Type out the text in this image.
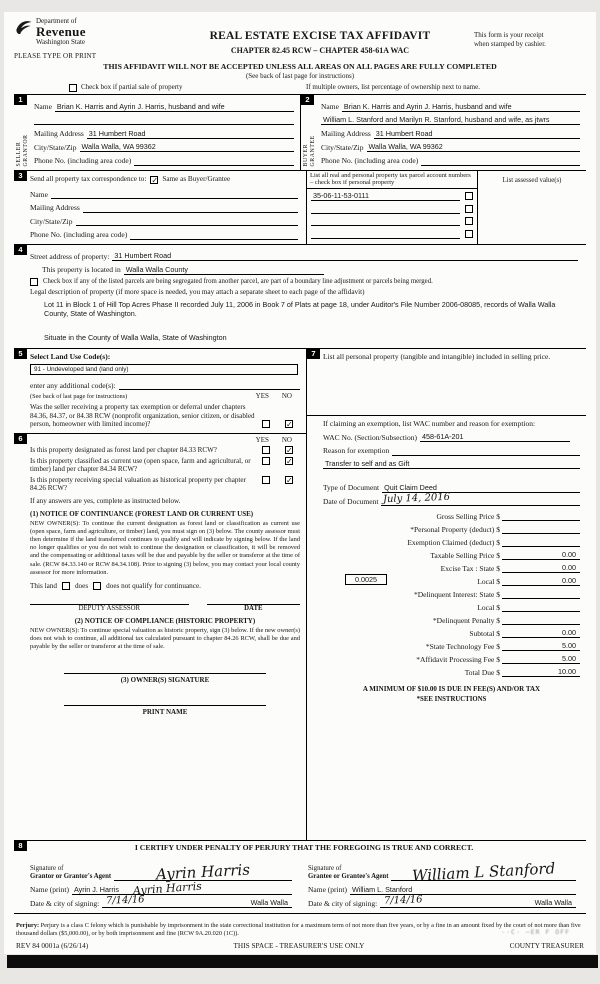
Department of
Revenue
Washington State
PLEASE TYPE OR PRINT
REAL ESTATE EXCISE TAX AFFIDAVIT
CHAPTER 82.45 RCW – CHAPTER 458-61A WAC
This form is your receipt
when stamped by cashier.
THIS AFFIDAVIT WILL NOT BE ACCEPTED UNLESS ALL AREAS ON ALL PAGES ARE FULLY COMPLETED
(See back of last page for instructions)
Check box if partial sale of property	If multiple owners, list percentage of ownership next to name.
1
SELLER GRANTOR
Name Brian K. Harris and Ayrin J. Harris, husband and wife
Mailing Address 31 Humbert Road
City/State/Zip Walla Walla, WA 99362
Phone No. (including area code)
2
BUYER GRANTEE
Name Brian K. Harris and Ayrin J. Harris, husband and wife
William L. Stanford and Marilyn R. Stanford, husband and wife, as jtwrs
Mailing Address 31 Humbert Road
City/State/Zip Walla Walla, WA 99362
Phone No. (including area code)
3	Send all property tax correspondence to: ✓ Same as Buyer/Grantee
Name
Mailing Address
City/State/Zip
Phone No. (including area code)
List all real and personal property tax parcel account numbers – check box if personal property
35-06-11-53-0111
List assessed value(s)
4
Street address of property: 31 Humbert Road
This property is located in Walla Walla County
Check box if any of the listed parcels are being segregated from another parcel, are part of a boundary line adjustment or parcels being merged.
Legal description of property (if more space is needed, you may attach a separate sheet to each page of the affidavit)
Lot 11 in Block 1 of Hill Top Acres Phase II recorded July 11, 2006 in Book 7 of Plats at page 18, under Auditor's File Number 2006-08085, records of Walla Walla County, State of Washington.
Situate in the County of Walla Walla, State of Washington
5 Select Land Use Code(s):
91 - Undeveloped land (land only)
enter any additional code(s):
(See back of last page for instructions)	YES NO
Was the seller receiving a property tax exemption or deferral under chapters 84.36, 84.37, or 84.38 RCW (nonprofit organization, senior citizen, or disabled person, homeowner with limited income)?	✓
6	YES NO
Is this property designated as forest land per chapter 84.33 RCW?	✓
Is this property classified as current use (open space, farm and agricultural, or timber) land per chapter 84.34 RCW?
✓
Is this property receiving special valuation as historical property per chapter 84.26 RCW?
✓
If any answers are yes, complete as instructed below.
(1) NOTICE OF CONTINUANCE (FOREST LAND OR CURRENT USE)
NEW OWNER(S): To continue the current designation as forest land or classification as current use (open space, farm and agriculture, or timber) land, you must sign on (3) below. The county assessor must then determine if the land transferred continues to qualify and will indicate by signing below. If the land no longer qualifies or you do not wish to continue the designation or classification, it will be removed and the compensating or additional taxes will be due and payable by the seller or transferor at the time of sale. (RCW 84.33.140 or RCW 84.34.108). Prior to signing (3) below, you may contact your local county assessor for more information.
This land	does	does not qualify for continuance.
DEPUTY ASSESSOR	DATE
(2) NOTICE OF COMPLIANCE (HISTORIC PROPERTY)
NEW OWNER(S): To continue special valuation as historic property, sign (3) below. If the new owner(s) does not wish to continue, all additional tax calculated pursuant to chapter 84.26 RCW, shall be due and payable by the seller or transferor at the time of sale.
(3) OWNER(S) SIGNATURE
PRINT NAME
7 List all personal property (tangible and intangible) included in selling price.
If claiming an exemption, list WAC number and reason for exemption:
WAC No. (Section/Subsection) 458-61A-201
Reason for exemption
Transfer to self and as Gift
Type of Document Quit Claim Deed
Date of Document July 14, 2016
Gross Selling Price $
*Personal Property (deduct) $
Exemption Claimed (deduct) $
Taxable Selling Price $	0.00
Excise Tax : State $	0.00
0.0025	Local $	0.00
*Delinquent Interest: State $
Local $
*Delinquent Penalty $
Subtotal $	0.00
*State Technology Fee $	5.00
*Affidavit Processing Fee $	5.00
Total Due $	10.00
A MINIMUM OF $10.00 IS DUE IN FEE(S) AND/OR TAX
*SEE INSTRUCTIONS
8	I CERTIFY UNDER PENALTY OF PERJURY THAT THE FOREGOING IS TRUE AND CORRECT.
Signature of
Grantor or Grantor's Agent	Ayrin Harris
Name (print) Ayrin J. Harris Ayrin Harris
Date & city of signing: 7/14/16	Walla Walla
Signature of
Grantee or Grantee's Agent William L Stanford
Name (print) William L. Stanford
Date & city of signing: 7/14/16	Walla Walla
Perjury: Perjury is a class C felony which is punishable by imprisonment in the state correctional institution for a maximum term of not more than five years, or by a fine in an amount fixed by the court of not more than five thousand dollars ($5,000.00), or by both imprisonment and fine (RCW 9A.20.020 (1C)).
REV 84 0001a (6/26/14)	THIS SPACE - TREASURER'S USE ONLY	COUNTY TREASURER
··C· —ER F OFF
